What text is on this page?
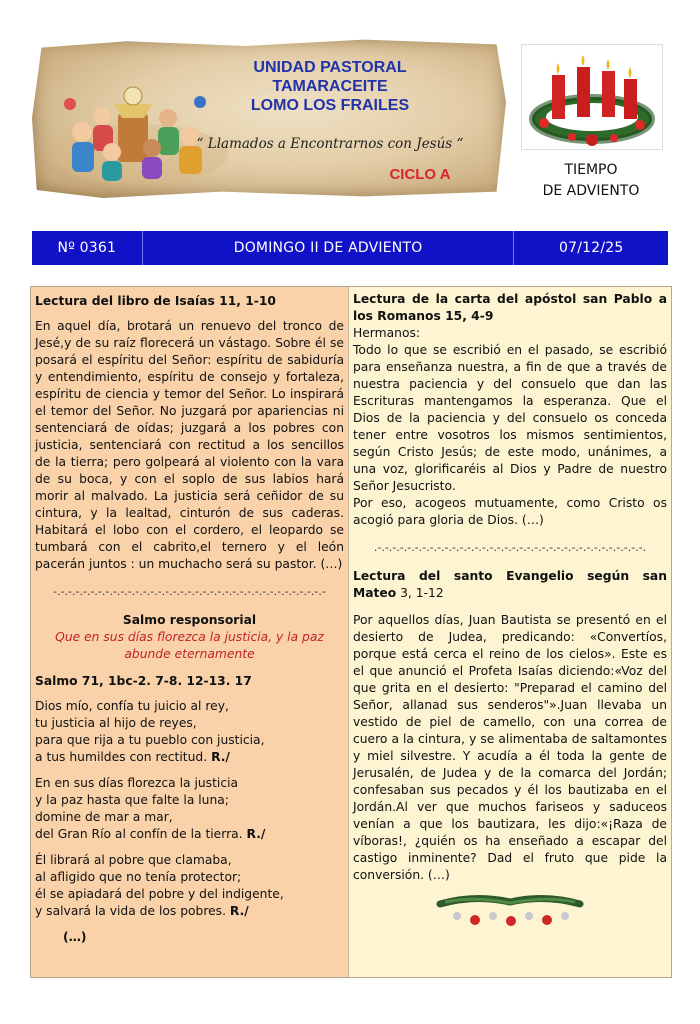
UNIDAD PASTORAL
TAMARACEITE
LOMO LOS FRAILES
“ Llamados a Encontrarnos con Jesús “
CICLO A	TIEMPO
DE ADVIENTO
Nº 0361	DOMINGO II DE ADVIENTO	07/12/25
Lectura del libro de Isaías 11, 1-10

En aquel día, brotará un renuevo del tronco de Jesé,y de su raíz florecerá un vástago. Sobre él se posará el espíritu del Señor: espíritu de sabiduría y entendimiento, espíritu de consejo y fortaleza, espíritu de ciencia y temor del Señor. Lo inspirará el temor del Señor. No juzgará por apariencias ni sentenciará de oídas; juzgará a los pobres con justicia, sentenciará con rectitud a los sencillos de la tierra; pero golpeará al violento con la vara de su boca, y con el soplo de sus labios hará morir al malvado. La justicia será ceñidor de su cintura, y la lealtad, cinturón de sus caderas. Habitará el lobo con el cordero, el leopardo se tumbará con el cabrito,el ternero y el león pacerán juntos : un muchacho será su pastor. (…)

-.-.-.-.-.-.-.-.-.-.-.-.-.-.-.-.-.-.-.-.-.-.-.-.-.-.-.-.-.-.-.-.-.-.-.-.-

Salmo responsorial

Que en sus días florezca la justicia, y la paz abunde eternamente

Salmo 71, 1bc-2. 7-8. 12-13. 17

Dios mío, confía tu juicio al rey,
tu justicia al hijo de reyes,
para que rija a tu pueblo con justicia,
a tus humildes con rectitud. R./
En en sus días florezca la justicia
y la paz hasta que falte la luna;
domine de mar a mar,
del Gran Río al confín de la tierra. R./
Él librará al pobre que clamaba,
al afligido que no tenía protector;
él se apiadará del pobre y del indigente,
y salvará la vida de los pobres. R./
(…)
Lectura de la carta del apóstol san Pablo a los Romanos 15, 4-9

Hermanos:

Todo lo que se escribió en el pasado, se escribió para enseñanza nuestra, a fin de que a través de nuestra paciencia y del consuelo que dan las Escrituras mantengamos la esperanza. Que el Dios de la paciencia y del consuelo os conceda tener entre vosotros los mismos sentimientos, según Cristo Jesús; de este modo, unánimes, a una voz, glorificaréis al Dios y Padre de nuestro Señor Jesucristo.

Por eso, acogeos mutuamente, como Cristo os acogió para gloria de Dios. (…)

.-.-.-.-.-.-.-.-.-.-.-.-.-.-.-.-.-.-.-.-.-.-.-.-.-.-.-.-.-.-.-.-.-.-.-.-.
Lectura del santo Evangelio según san Mateo 3, 1-12

Por aquellos días, Juan Bautista se presentó en el desierto de Judea, predicando: «Convertíos, porque está cerca el reino de los cielos». Este es el que anunció el Profeta Isaías diciendo:«Voz del que grita en el desierto: "Preparad el camino del Señor, allanad sus senderos"».Juan llevaba un vestido de piel de camello, con una correa de cuero a la cintura, y se alimentaba de saltamontes y miel silvestre. Y acudía a él toda la gente de Jerusalén, de Judea y de la comarca del Jordán; confesaban sus pecados y él los bautizaba en el Jordán.Al ver que muchos fariseos y saduceos venían a que los bautizara, les dijo:«¡Raza de víboras!, ¿quién os ha enseñado a escapar del castigo inminente? Dad el fruto que pide la conversión. (…)
